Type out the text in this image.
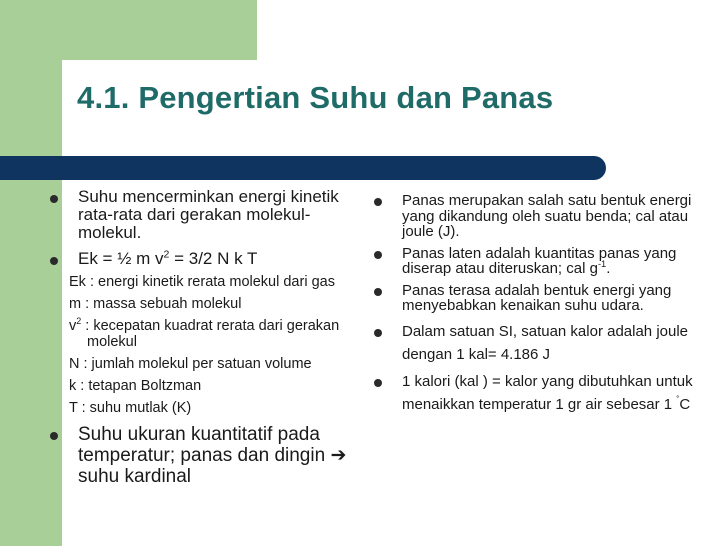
4.1. Pengertian Suhu dan Panas
Suhu mencerminkan energi kinetik rata-rata dari gerakan molekul-molekul.
Ek = ½ m $v^2 = 3/2$ N k T
Ek : energi kinetik rerata molekul dari gas
m : massa sebuah molekul
$v^2$ : kecepatan kuadrat rerata dari gerakan molekul
N : jumlah molekul per satuan volume
k : tetapan Boltzman
T : suhu mutlak (K)
Suhu ukuran kuantitatif pada temperatur; panas dan dingin ➔ suhu kardinal
Panas merupakan salah satu bentuk energi yang dikandung oleh suatu benda; cal atau joule (J).
Panas laten adalah kuantitas panas yang diserap atau diteruskan; cal $g^{-1}$.
Panas terasa adalah bentuk energi yang menyebabkan kenaikan suhu udara.
Dalam satuan SI, satuan kalor adalah joule dengan 1 kal= 4.186 J
1 kalori (kal ) = kalor yang dibutuhkan untuk menaikkan temperatur 1 gr air sebesar 1 ˚C
